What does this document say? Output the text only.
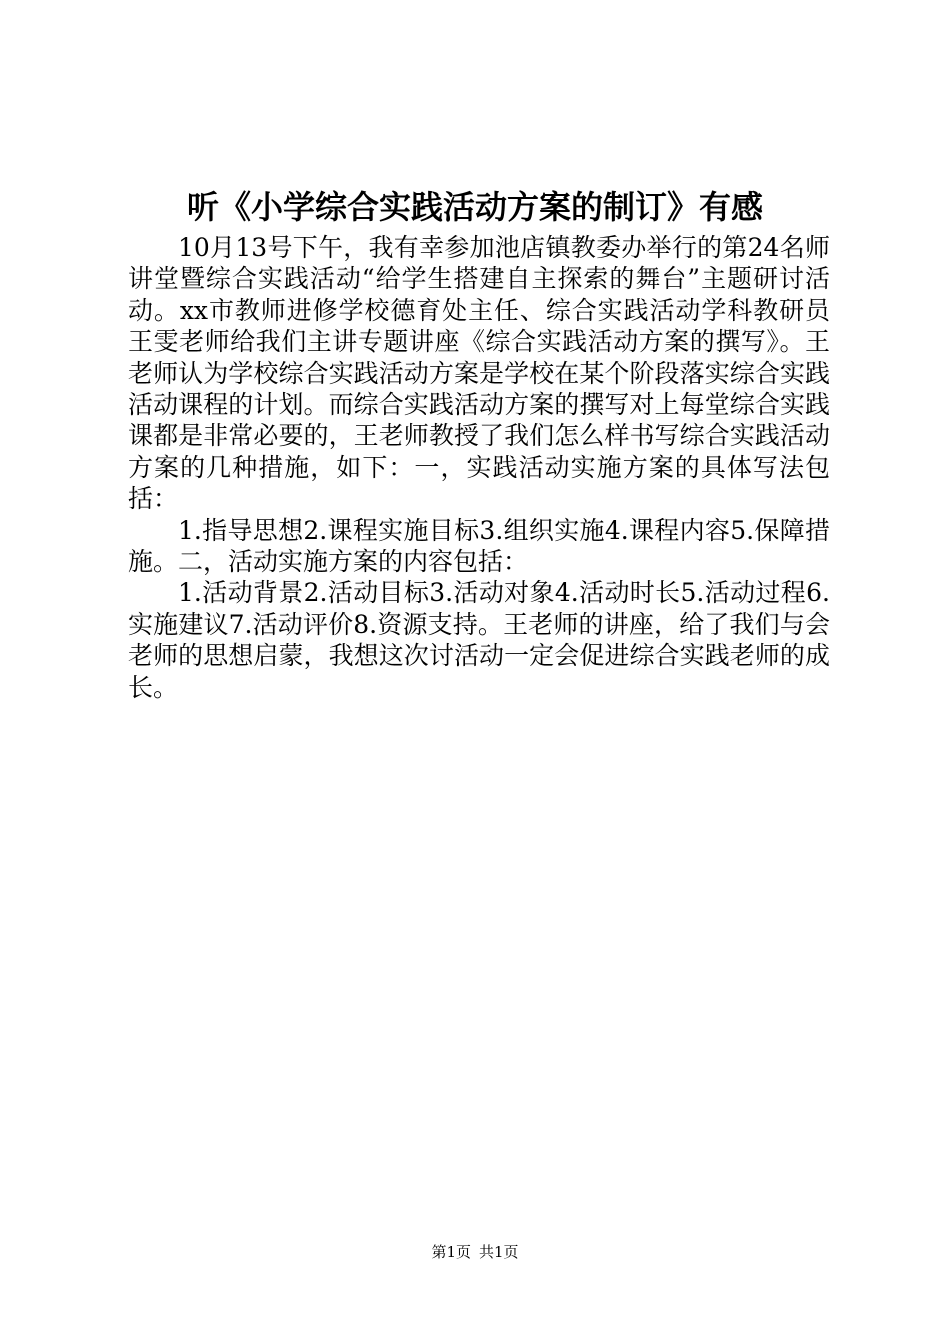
听《小学综合实践活动方案的制订》有感

10月13号下午，我有幸参加池店镇教委办举行的第24名师讲堂暨综合实践活动“给学生搭建自主探索的舞台”主题研讨活动。xx市教师进修学校德育处主任、综合实践活动学科教研员王雯老师给我们主讲专题讲座《综合实践活动方案的撰写》。王老师认为学校综合实践活动方案是学校在某个阶段落实综合实践活动课程的计划。而综合实践活动方案的撰写对上每堂综合实践课都是非常必要的，王老师教授了我们怎么样书写综合实践活动方案的几种措施，如下：一，实践活动实施方案的具体写法包括：

1.指导思想2.课程实施目标3.组织实施4.课程内容5.保障措施。二，活动实施方案的内容包括：

1.活动背景2.活动目标3.活动对象4.活动时长5.活动过程6.实施建议7.活动评价8.资源支持。王老师的讲座，给了我们与会老师的思想启蒙，我想这次讨活动一定会促进综合实践老师的成长。

第1页 共1页
